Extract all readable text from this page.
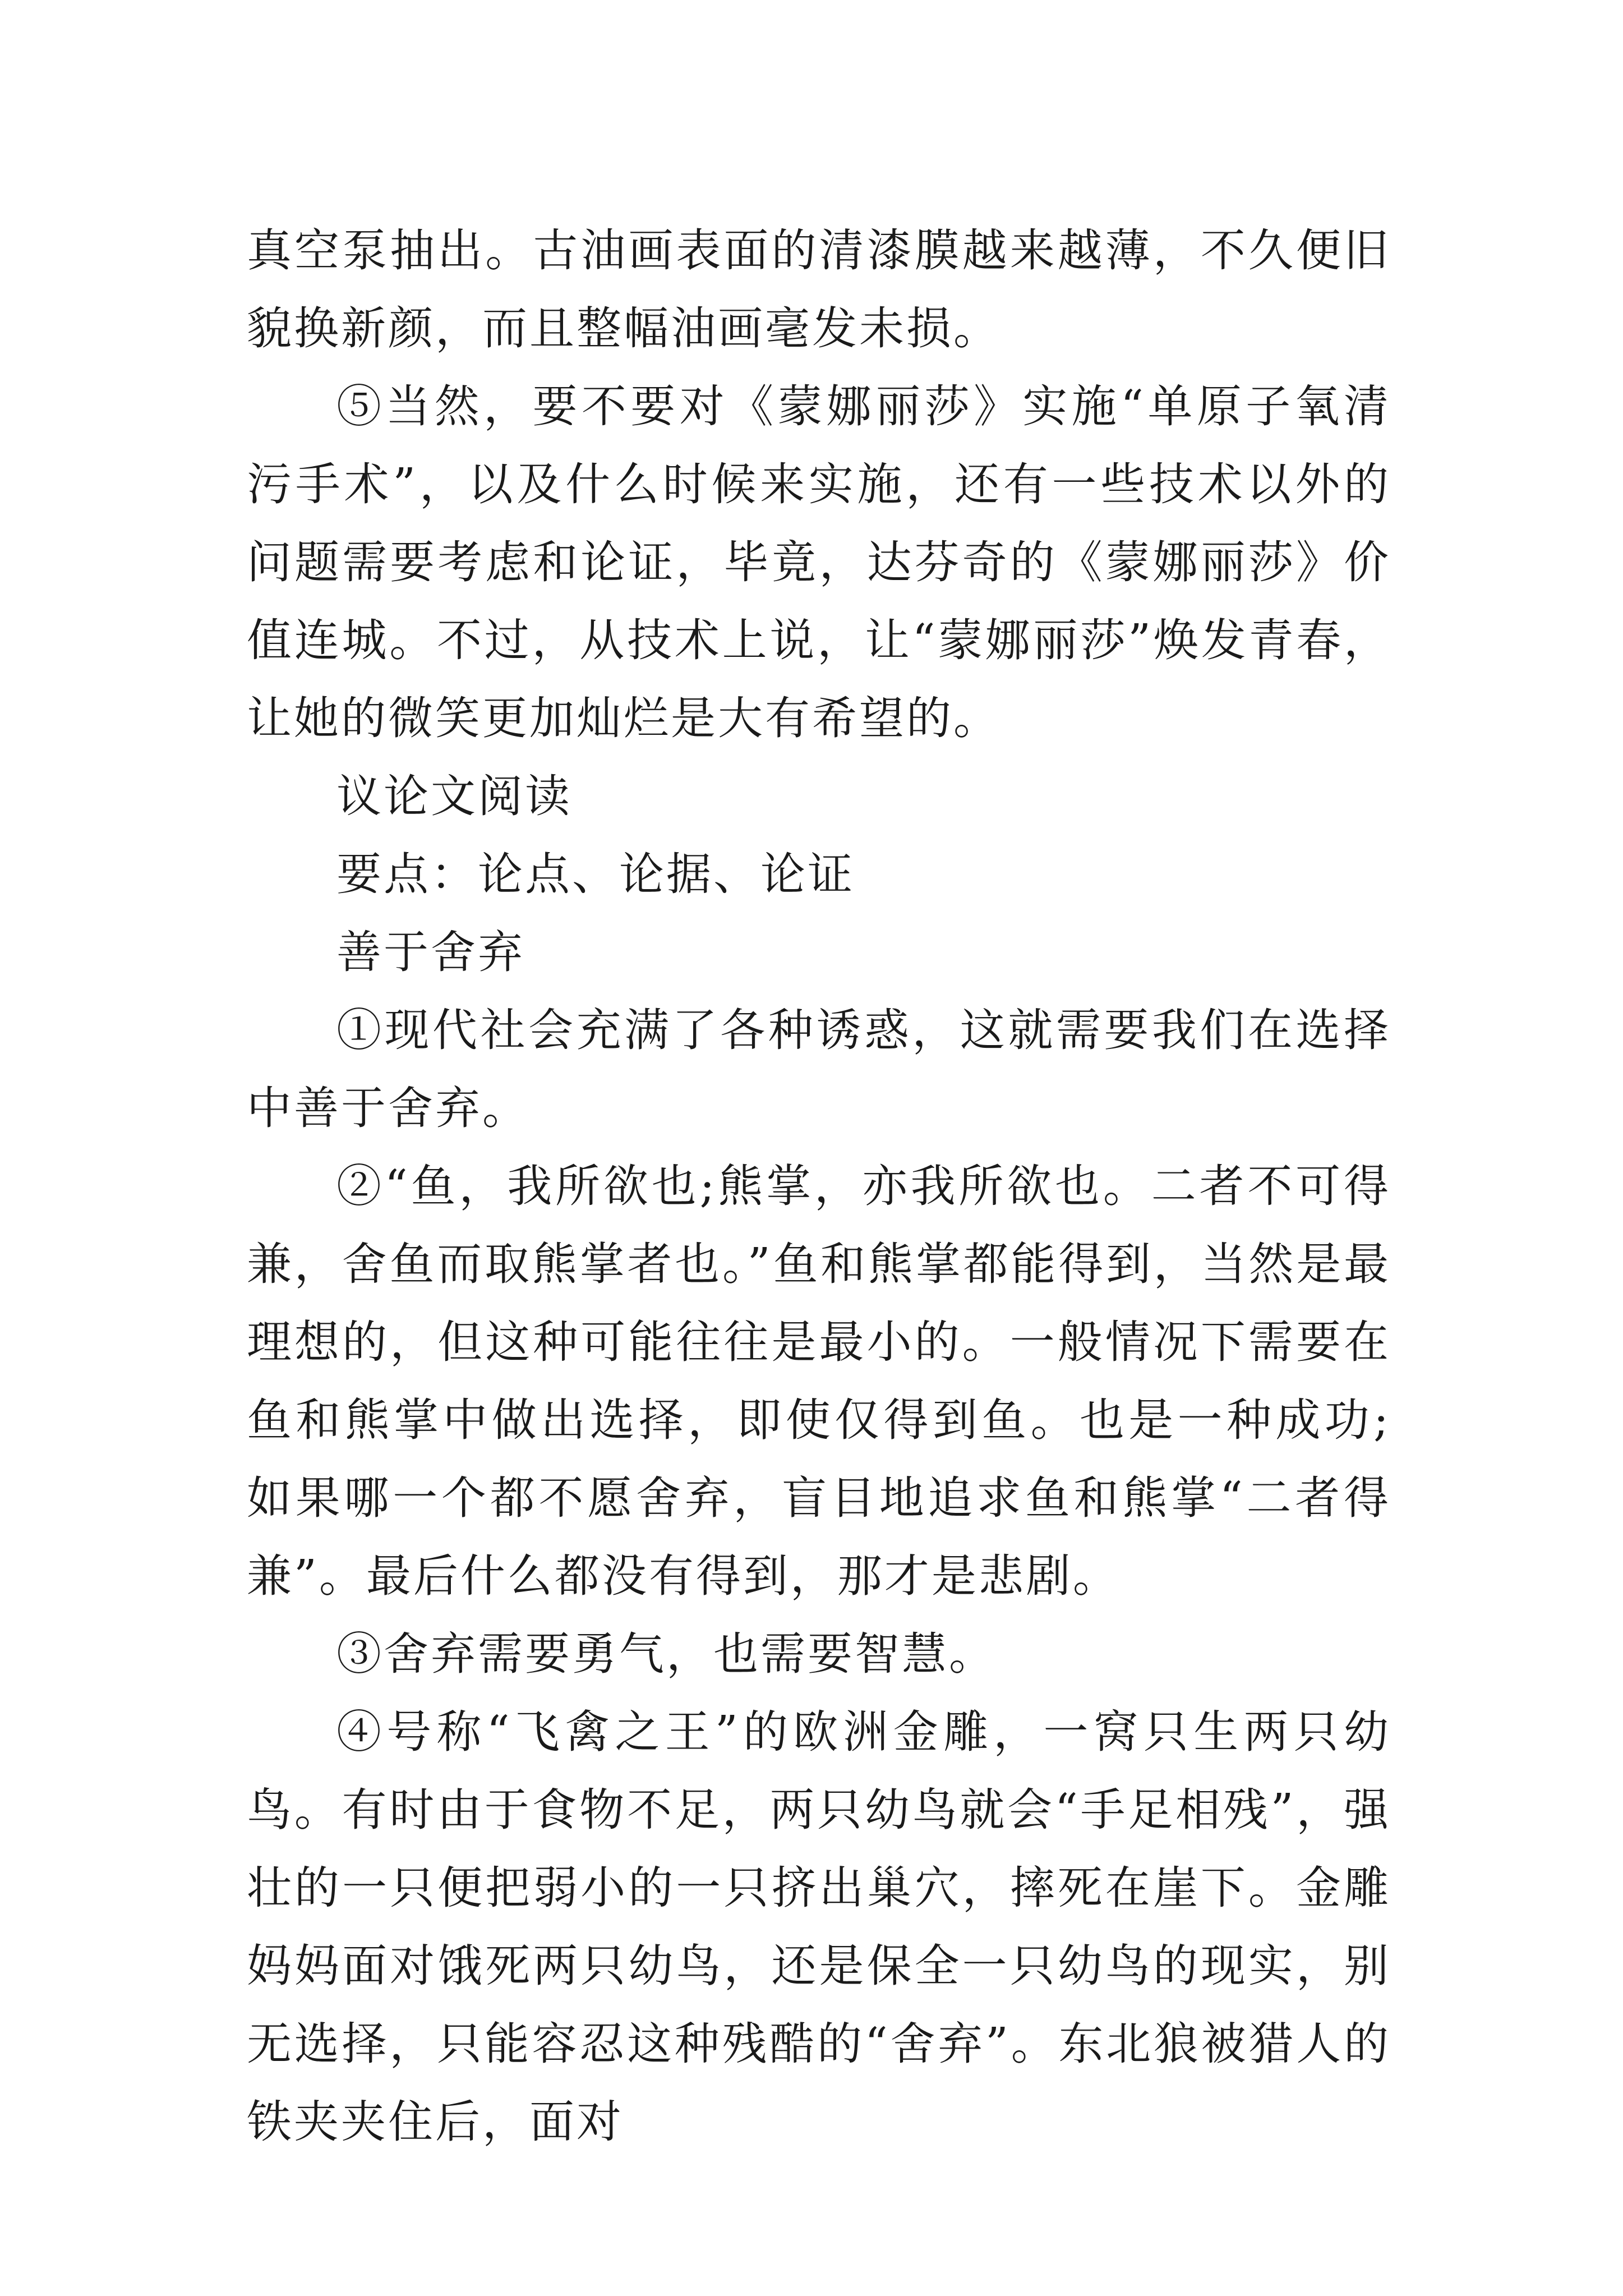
真空泵抽出。古油画表面的清漆膜越来越薄，不久便旧貌换新颜，而且整幅油画毫发未损。

⑤当然，要不要对《蒙娜丽莎》实施“单原子氧清污手术”，以及什么时候来实施，还有一些技术以外的问题需要考虑和论证，毕竟，达芬奇的《蒙娜丽莎》价值连城。不过，从技术上说，让“蒙娜丽莎”焕发青春，让她的微笑更加灿烂是大有希望的。

议论文阅读

要点：论点、论据、论证

善于舍弃

①现代社会充满了各种诱惑，这就需要我们在选择中善于舍弃。

②“鱼，我所欲也;熊掌，亦我所欲也。二者不可得兼，舍鱼而取熊掌者也。”鱼和熊掌都能得到，当然是最理想的，但这种可能往往是最小的。一般情况下需要在鱼和熊掌中做出选择，即使仅得到鱼。也是一种成功;如果哪一个都不愿舍弃，盲目地追求鱼和熊掌“二者得兼”。最后什么都没有得到，那才是悲剧。

③舍弃需要勇气，也需要智慧。

④号称“飞禽之王”的欧洲金雕，一窝只生两只幼鸟。有时由于食物不足，两只幼鸟就会“手足相残”，强壮的一只便把弱小的一只挤出巢穴，摔死在崖下。金雕妈妈面对饿死两只幼鸟，还是保全一只幼鸟的现实，别无选择，只能容忍这种残酷的“舍弃”。东北狼被猎人的铁夹夹住后，面对
